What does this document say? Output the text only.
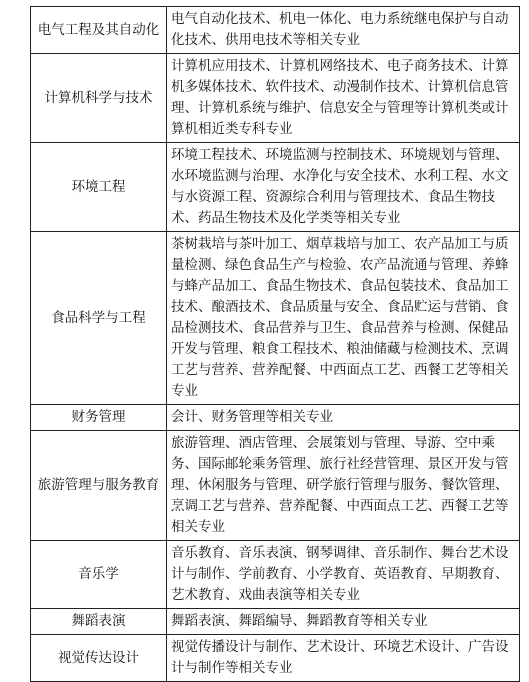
电气工程及其自动化	电气自动化技术、机电一体化、电力系统继电保护与自动化技术、供用电技术等相关专业
计算机科学与技术	计算机应用技术、计算机网络技术、电子商务技术、计算机多媒体技术、软件技术、动漫制作技术、计算机信息管理、计算机系统与维护、信息安全与管理等计算机类或计算机相近类专科专业
环境工程	环境工程技术、环境监测与控制技术、环境规划与管理、水环境监测与治理、水净化与安全技术、水利工程、水文与水资源工程、资源综合利用与管理技术、食品生物技术、药品生物技术及化学类等相关专业
食品科学与工程	茶树栽培与茶叶加工、烟草栽培与加工、农产品加工与质量检测、绿色食品生产与检验、农产品流通与管理、养蜂与蜂产品加工、食品生物技术、食品包装技术、食品加工技术、酿酒技术、食品质量与安全、食品贮运与营销、食品检测技术、食品营养与卫生、食品营养与检测、保健品开发与管理、粮食工程技术、粮油储藏与检测技术、烹调工艺与营养、营养配餐、中西面点工艺、西餐工艺等相关专业
财务管理	会计、财务管理等相关专业
旅游管理与服务教育	旅游管理、酒店管理、会展策划与管理、导游、空中乘务、国际邮轮乘务管理、旅行社经营管理、景区开发与管理、休闲服务与管理、研学旅行管理与服务、餐饮管理、烹调工艺与营养、营养配餐、中西面点工艺、西餐工艺等相关专业
音乐学	音乐教育、音乐表演、钢琴调律、音乐制作、舞台艺术设计与制作、学前教育、小学教育、英语教育、早期教育、艺术教育、戏曲表演等相关专业
舞蹈表演	舞蹈表演、舞蹈编导、舞蹈教育等相关专业
视觉传达设计	视觉传播设计与制作、艺术设计、环境艺术设计、广告设计与制作等相关专业
